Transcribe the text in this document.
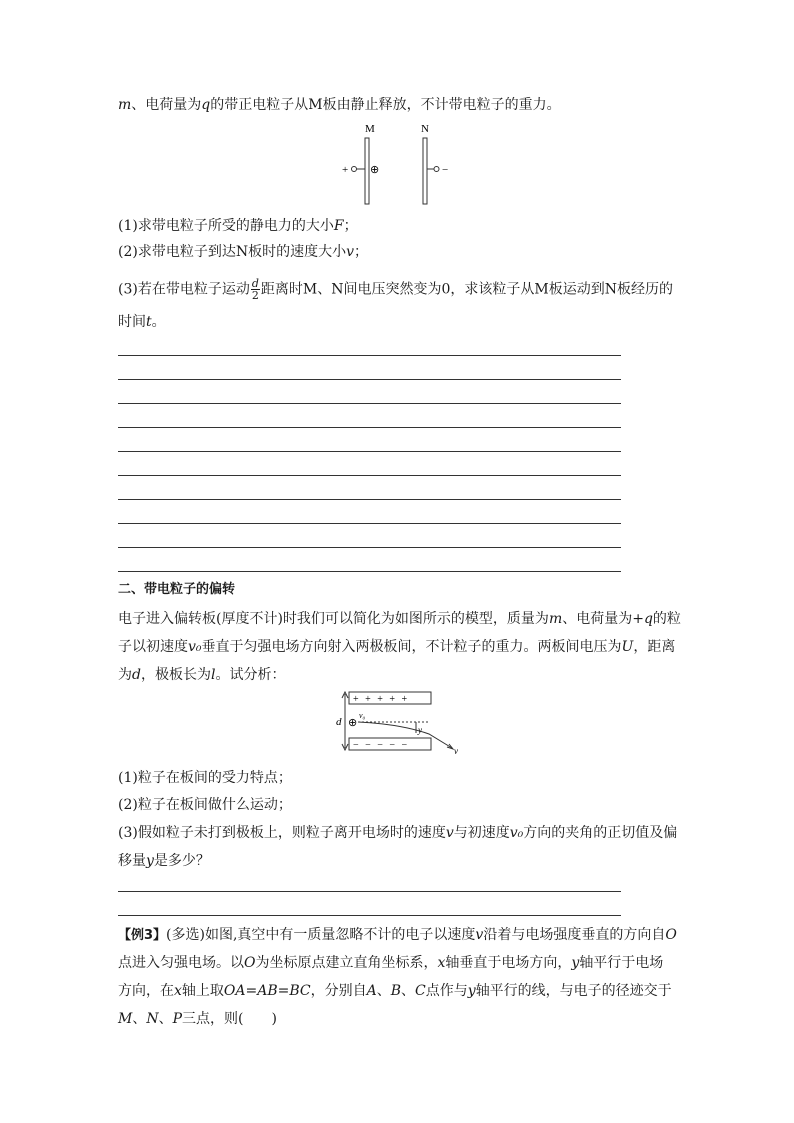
m、电荷量为q的带正电粒子从M板由静止释放，不计带电粒子的重力。
M	N
+ ⊕	−
(1)求带电粒子所受的静电力的大小F；
(2)求带电粒子到达N板时的速度大小v；
(3)若在带电粒子运动 $\frac{d}{2}$ 距离时M、N间电压突然变为0，求该粒子从M板运动到N板经历的
时间t。
二、带电粒子的偏转
电子进入偏转板(厚度不计)时我们可以简化为如图所示的模型，质量为m、电荷量为+q的粒
子以初速度v₀垂直于匀强电场方向射入两极板间，不计粒子的重力。两板间电压为U，距离
为d，极板长为l。试分析：
+ + + + +
− − − − −
d ⊕
v₀
y
v
(1)粒子在板间的受力特点；
(2)粒子在板间做什么运动；
(3)假如粒子未打到极板上，则粒子离开电场时的速度v与初速度v₀方向的夹角的正切值及偏
移量y是多少？
【例3】(多选)如图,真空中有一质量忽略不计的电子以速度v沿着与电场强度垂直的方向自O
点进入匀强电场。以O为坐标原点建立直角坐标系，x轴垂直于电场方向，y轴平行于电场
方向，在x轴上取OA=AB=BC，分别自A、B、C点作与y轴平行的线，与电子的径迹交于
M、N、P三点，则(　　)
